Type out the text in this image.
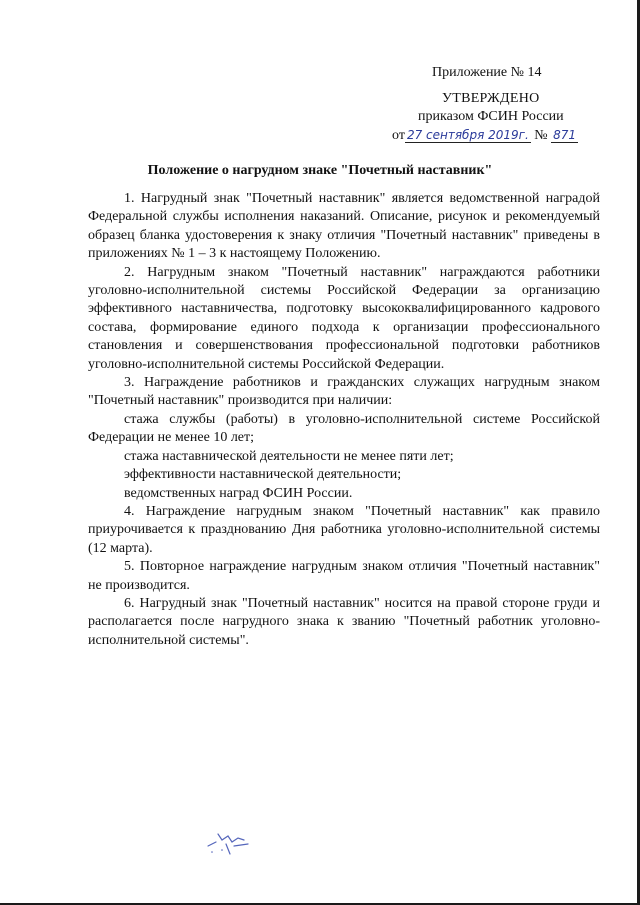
Приложение № 14
УТВЕРЖДЕНО
приказом ФСИН России
от 27 сентября 2019г. № 871
Положение о нагрудном знаке "Почетный наставник"

1. Нагрудный знак "Почетный наставник" является ведомственной наградой Федеральной службы исполнения наказаний. Описание, рисунок и рекомендуемый образец бланка удостоверения к знаку отличия "Почетный наставник" приведены в приложениях № 1 – 3 к настоящему Положению.

2. Нагрудным знаком "Почетный наставник" награждаются работники уголовно-исполнительной системы Российской Федерации за организацию эффективного наставничества, подготовку высококвалифицированного кадрового состава, формирование единого подхода к организации профессионального становления и совершенствования профессиональной подготовки работников уголовно-исполнительной системы Российской Федерации.

3. Награждение работников и гражданских служащих нагрудным знаком "Почетный наставник" производится при наличии:

стажа службы (работы) в уголовно-исполнительной системе Российской Федерации не менее 10 лет;

стажа наставнической деятельности не менее пяти лет;

эффективности наставнической деятельности;

ведомственных наград ФСИН России.

4. Награждение нагрудным знаком "Почетный наставник" как правило приурочивается к празднованию Дня работника уголовно-исполнительной системы (12 марта).

5. Повторное награждение нагрудным знаком отличия "Почетный наставник" не производится.

6. Нагрудный знак "Почетный наставник" носится на правой стороне груди и располагается после нагрудного знака к званию "Почетный работник уголовно-исполнительной системы".
